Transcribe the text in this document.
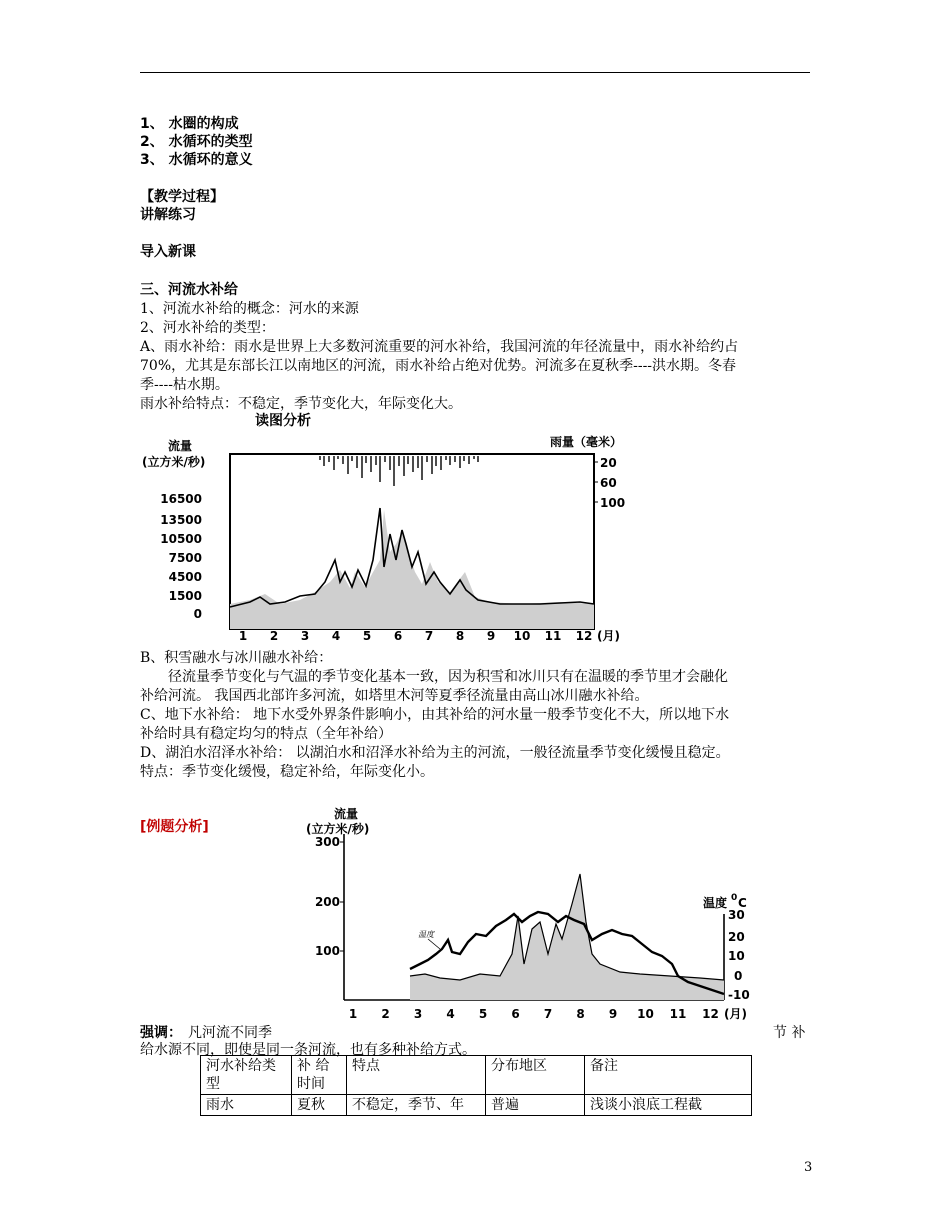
1、 水圈的构成
2、 水循环的类型
3、 水循环的意义
【教学过程】
讲解练习
导入新课
三、河流水补给
1、河流水补给的概念：河水的来源
2、河水补给的类型：
A、雨水补给：雨水是世界上大多数河流重要的河水补给，我国河流的年径流量中，雨水补给约占
70%，尤其是东部长江以南地区的河流，雨水补给占绝对优势。河流多在夏秋季----洪水期。冬春
季----枯水期。
雨水补给特点：不稳定，季节变化大，年际变化大。
读图分析
流量
(立方米/秒)
雨量（毫米）
16500
13500
10500
7500
4500
1500
0
20
60
100
1 2 3 4 5 6 7 8 9 10 11 12 (月)
B、积雪融水与冰川融水补给：
径流量季节变化与气温的季节变化基本一致，因为积雪和冰川只有在温暖的季节里才会融化
补给河流。 我国西北部许多河流，如塔里木河等夏季径流量由高山冰川融水补给。
C、地下水补给： 地下水受外界条件影响小，由其补给的河水量一般季节变化不大，所以地下水
补给时具有稳定均匀的特点（全年补给）
D、湖泊水沼泽水补给： 以湖泊水和沼泽水补给为主的河流，一般径流量季节变化缓慢且稳定。
特点：季节变化缓慢，稳定补给，年际变化小。
[例题分析]
流量
(立方米/秒)
300
200
100
温度 0 C
30
20
10
0
-10
1 2 3 4 5 6 7 8 9 10 11 12 (月)
温度
强调： 凡河流不同季	节 补
给水源不同，即使是同一条河流，也有多种补给方式。
河水补给类型	补 给时间	特点	分布地区	备注
雨水	夏秋	不稳定，季节、年	普遍	浅谈小浪底工程截
3
